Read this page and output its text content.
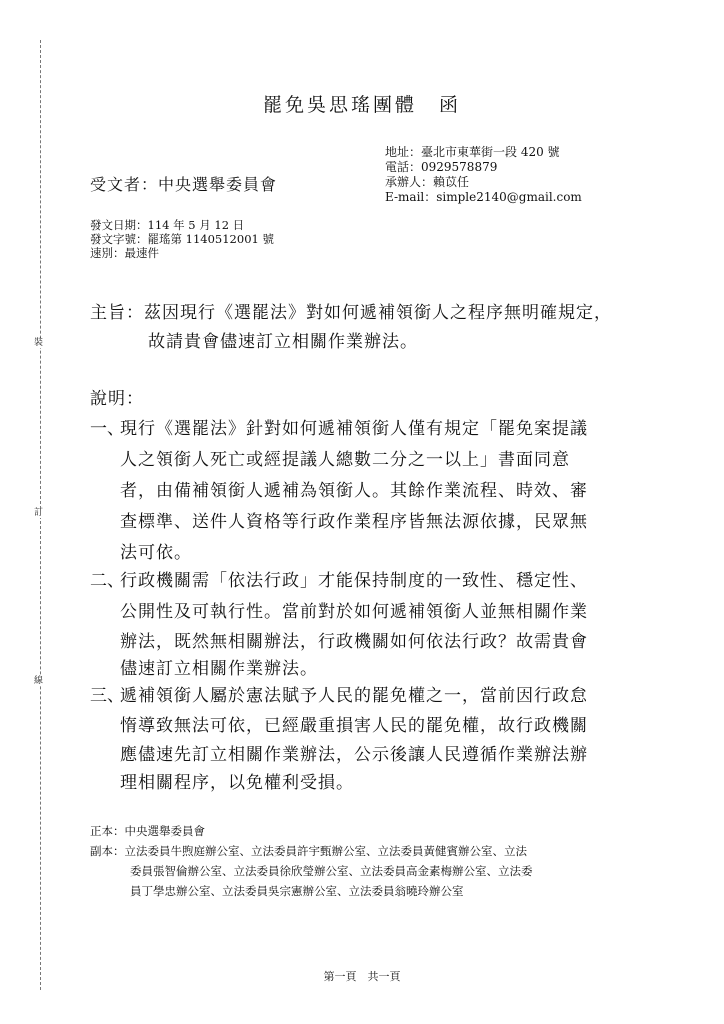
裝
訂
線
罷免吳思瑤團體　函
地址：臺北市東華街一段 420 號
電話：0929578879
承辦人：賴苡任
E-mail：simple2140@gmail.com
受文者：中央選舉委員會
發文日期：114 年 5 月 12 日
發文字號：罷瑤第 1140512001 號
速別：最速件
主旨：茲因現行《選罷法》對如何遞補領銜人之程序無明確規定，
故請貴會儘速訂立相關作業辦法。
說明：
一、
現行《選罷法》針對如何遞補領銜人僅有規定「罷免案提議
人之領銜人死亡或經提議人總數二分之一以上」書面同意
者，由備補領銜人遞補為領銜人。其餘作業流程、時效、審
查標準、送件人資格等行政作業程序皆無法源依據，民眾無
法可依。
二、
行政機關需「依法行政」才能保持制度的一致性、穩定性、
公開性及可執行性。當前對於如何遞補領銜人並無相關作業
辦法，既然無相關辦法，行政機關如何依法行政？故需貴會
儘速訂立相關作業辦法。
三、
遞補領銜人屬於憲法賦予人民的罷免權之一，當前因行政怠
惰導致無法可依，已經嚴重損害人民的罷免權，故行政機關
應儘速先訂立相關作業辦法，公示後讓人民遵循作業辦法辦
理相關程序，以免權利受損。
正本：中央選舉委員會
副本：立法委員牛煦庭辦公室、立法委員許宇甄辦公室、立法委員黃健賓辦公室、立法
委員張智倫辦公室、立法委員徐欣瑩辦公室、立法委員高金素梅辦公室、立法委
員丁學忠辦公室、立法委員吳宗憲辦公室、立法委員翁曉玲辦公室
第一頁　共一頁
